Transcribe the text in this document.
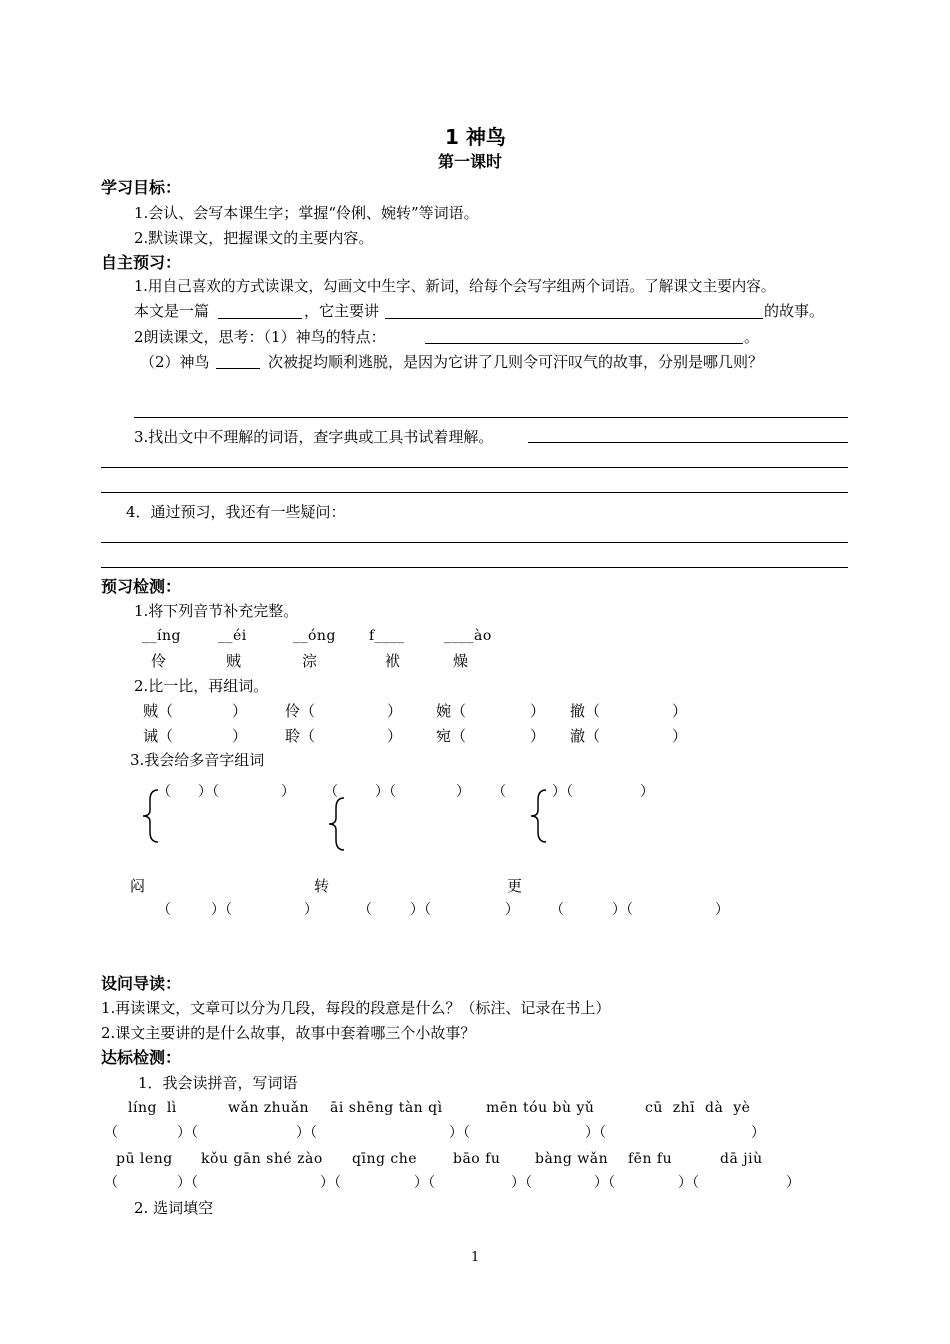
1 神鸟
第一课时
学习目标：
1.会认、会写本课生字；掌握“伶俐、婉转”等词语。
2.默读课文，把握课文的主要内容。
自主预习：
1.用自己喜欢的方式读课文，勾画文中生字、新词，给每个会写字组两个词语。了解课文主要内容。
本文是一篇	，它主要讲	的故事。
2朗读课文，思考：（1）神鸟的特点：	。
（2）神鸟	次被捉均顺利逃脱，是因为它讲了几则令可汗叹气的故事，分别是哪几则？
3.找出文中不理解的词语，查字典或工具书试着理解。
4．通过预习，我还有一些疑问：
预习检测：
1.将下列音节补充完整。
__íng	__éi	__óng f____	____ào
伶	贼	淙	袱	燥
2.比一比，再组词。
贼（	）	伶（	） 婉（	） 撤（	）
诫（	）	聆（	） 宛（	） 澈（	）
3.我会给多音字组词
（ ）（	） （	）（	） （	）（	）
闷	转	更
（	）（	）	（	）（	） （	）（	）
设问导读：
1.再读课文，文章可以分为几段，每段的段意是什么？（标注、记录在书上）
2.课文主要讲的是什么故事，故事中套着哪三个小故事？
达标检测：
1．我会读拼音，写词语
líng  lì	wǎn zhuǎn āi shēng tàn qì	mēn tóu bù yǔ	cū  zhī  dà  yè
（	）（	）（	）（	）（	）
pū leng kǒu gān shé zào qīng che	bāo fu bàng wǎn fēn fu	dā jiù
（	）（	）（	）（	）（	）（	）（	）
2. 选词填空
1
